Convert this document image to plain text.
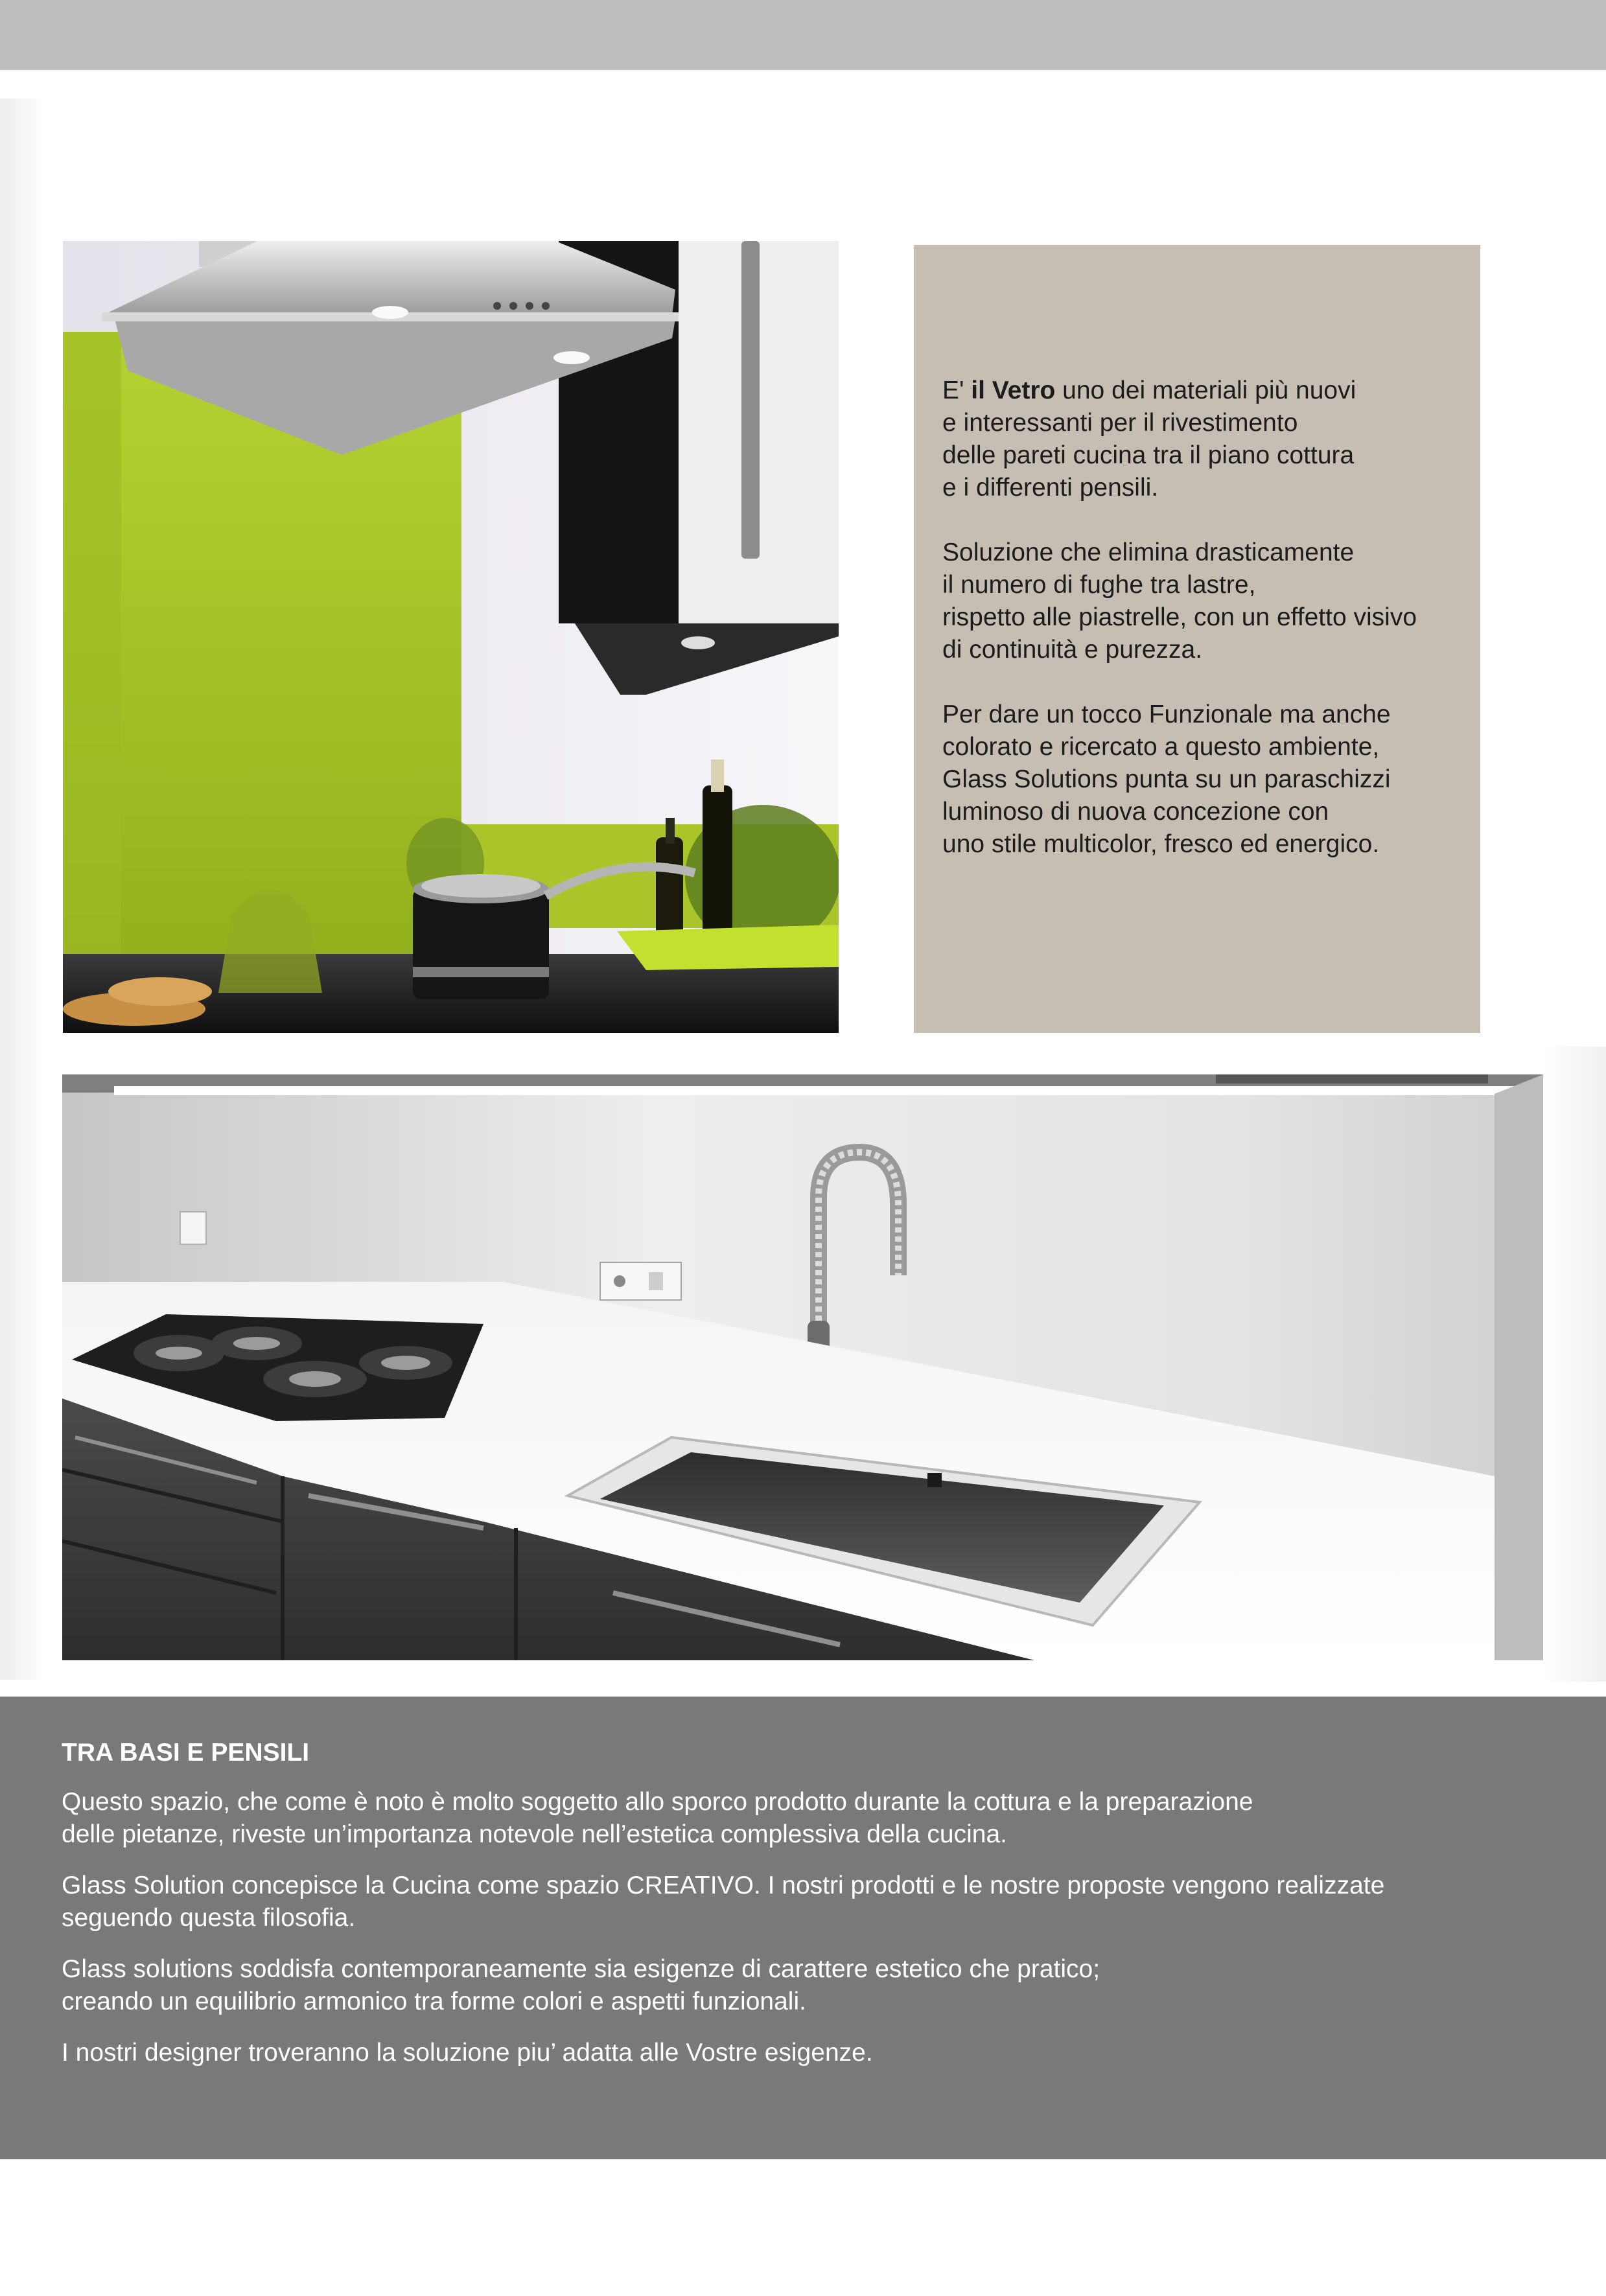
E' il Vetro uno dei materiali più nuovi
e interessanti per il rivestimento
delle pareti cucina tra il piano cottura
e i differenti pensili.

Soluzione che elimina drasticamente
il numero di fughe tra lastre,
rispetto alle piastrelle, con un effetto visivo
di continuità e purezza.

Per dare un tocco Funzionale ma anche
colorato e ricercato a questo ambiente,
Glass Solutions punta su un paraschizzi
luminoso di nuova concezione con
uno stile multicolor, fresco ed energico.

TRA BASI E PENSILI

Questo spazio, che come è noto è molto soggetto allo sporco prodotto durante la cottura e la preparazione
delle pietanze, riveste un’importanza notevole nell’estetica complessiva della cucina.

Glass Solution concepisce la Cucina come spazio CREATIVO. I nostri prodotti e le nostre proposte vengono realizzate
seguendo questa filosofia.

Glass solutions soddisfa contemporaneamente sia esigenze di carattere estetico che pratico;
creando un equilibrio armonico tra forme colori e aspetti funzionali.

I nostri designer troveranno la soluzione piu’ adatta alle Vostre esigenze.
